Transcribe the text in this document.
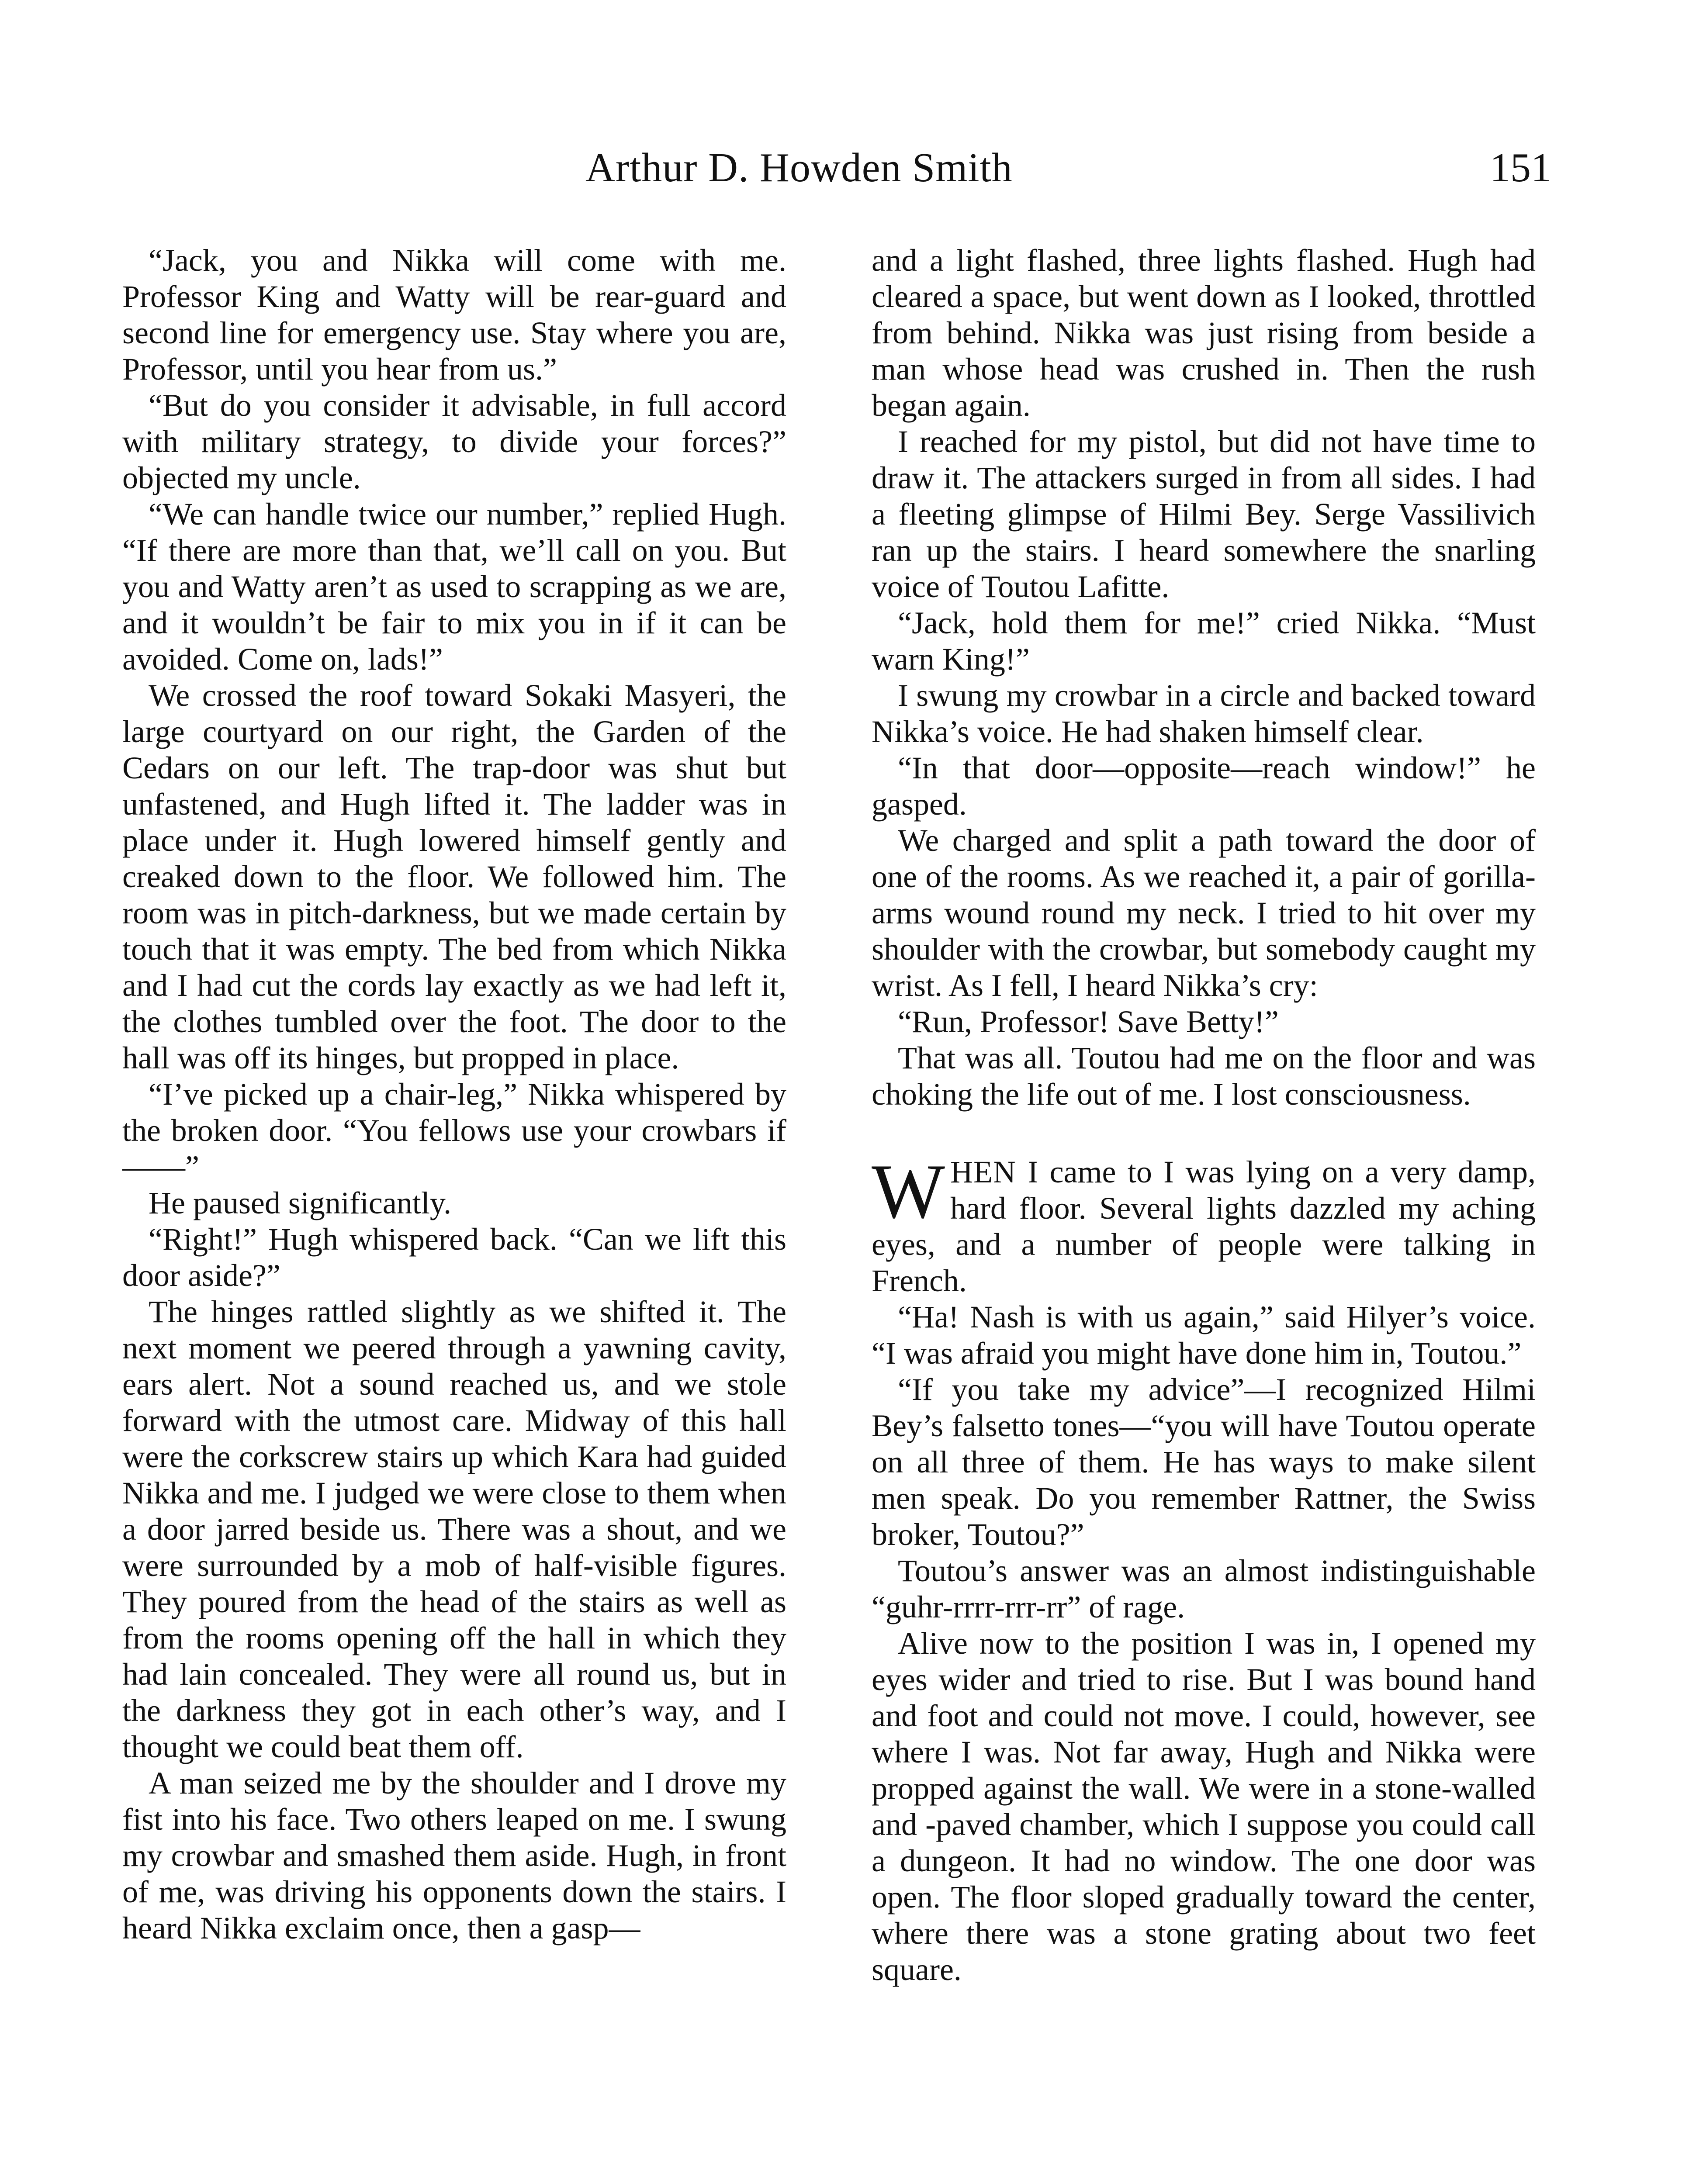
Arthur D. Howden Smith	151

“Jack, you and Nikka will come with me. Professor King and Watty will be rear-guard and second line for emergency use. Stay where you are, Professor, until you hear from us.”

“But do you consider it advisable, in full accord with military strategy, to divide your forces?” objected my uncle.

“We can handle twice our number,” replied Hugh. “If there are more than that, we’ll call on you. But you and Watty aren’t as used to scrapping as we are, and it wouldn’t be fair to mix you in if it can be avoided. Come on, lads!”

We crossed the roof toward Sokaki Masyeri, the large courtyard on our right, the Garden of the Cedars on our left. The trap-door was shut but unfastened, and Hugh lifted it. The ladder was in place under it. Hugh lowered himself gently and creaked down to the floor. We followed him. The room was in pitch-darkness, but we made certain by touch that it was empty. The bed from which Nikka and I had cut the cords lay exactly as we had left it, the clothes tumbled over the foot. The door to the hall was off its hinges, but propped in place.

“I’ve picked up a chair-leg,” Nikka whispered by the broken door. “You fellows use your crowbars if——”

He paused significantly.

“Right!” Hugh whispered back. “Can we lift this door aside?”

The hinges rattled slightly as we shifted it. The next moment we peered through a yawning cavity, ears alert. Not a sound reached us, and we stole forward with the utmost care. Midway of this hall were the corkscrew stairs up which Kara had guided Nikka and me. I judged we were close to them when a door jarred beside us. There was a shout, and we were surrounded by a mob of half-visible figures. They poured from the head of the stairs as well as from the rooms opening off the hall in which they had lain concealed. They were all round us, but in the darkness they got in each other’s way, and I thought we could beat them off.

A man seized me by the shoulder and I drove my fist into his face. Two others leaped on me. I swung my crowbar and smashed them aside. Hugh, in front of me, was driving his opponents down the stairs. I heard Nikka exclaim once, then a gasp—

and a light flashed, three lights flashed. Hugh had cleared a space, but went down as I looked, throttled from behind. Nikka was just rising from beside a man whose head was crushed in. Then the rush began again.

I reached for my pistol, but did not have time to draw it. The attackers surged in from all sides. I had a fleeting glimpse of Hilmi Bey. Serge Vassilivich ran up the stairs. I heard somewhere the snarling voice of Toutou Lafitte.

“Jack, hold them for me!” cried Nikka. “Must warn King!”

I swung my crowbar in a circle and backed toward Nikka’s voice. He had shaken himself clear.

“In that door—opposite—reach window!” he gasped.

We charged and split a path toward the door of one of the rooms. As we reached it, a pair of gorilla-arms wound round my neck. I tried to hit over my shoulder with the crowbar, but somebody caught my wrist. As I fell, I heard Nikka’s cry:

“Run, Professor! Save Betty!”

That was all. Toutou had me on the floor and was choking the life out of me. I lost consciousness.

WHEN I came to I was lying on a very damp, hard floor. Several lights dazzled my aching eyes, and a number of people were talking in French.

“Ha! Nash is with us again,” said Hilyer’s voice. “I was afraid you might have done him in, Toutou.”

“If you take my advice”—I recognized Hilmi Bey’s falsetto tones—“you will have Toutou operate on all three of them. He has ways to make silent men speak. Do you remember Rattner, the Swiss broker, Toutou?”

Toutou’s answer was an almost indistinguishable “guhr-rrrr-rrr-rr” of rage.

Alive now to the position I was in, I opened my eyes wider and tried to rise. But I was bound hand and foot and could not move. I could, however, see where I was. Not far away, Hugh and Nikka were propped against the wall. We were in a stone-walled and -paved chamber, which I suppose you could call a dungeon. It had no window. The one door was open. The floor sloped gradually toward the center, where there was a stone grating about two feet square.
